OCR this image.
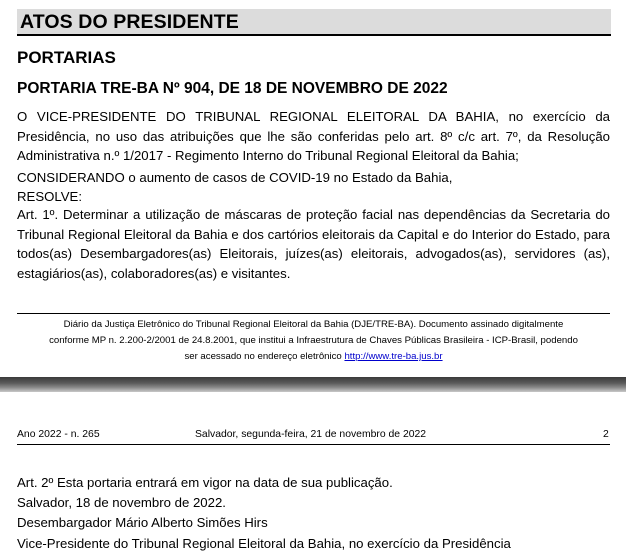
ATOS DO PRESIDENTE
PORTARIAS
PORTARIA TRE-BA Nº 904, DE 18 DE NOVEMBRO DE 2022
O VICE-PRESIDENTE DO TRIBUNAL REGIONAL ELEITORAL DA BAHIA, no exercício da Presidência, no uso das atribuições que lhe são conferidas pelo art. 8º c/c art. 7º, da Resolução Administrativa n.º 1/2017 - Regimento Interno do Tribunal Regional Eleitoral da Bahia;
CONSIDERANDO o aumento de casos de COVID-19 no Estado da Bahia,
RESOLVE:
Art. 1º. Determinar a utilização de máscaras de proteção facial nas dependências da Secretaria do Tribunal Regional Eleitoral da Bahia e dos cartórios eleitorais da Capital e do Interior do Estado, para todos(as) Desembargadores(as) Eleitorais, juízes(as) eleitorais, advogados(as), servidores (as), estagiários(as), colaboradores(as) e visitantes.
Diário da Justiça Eletrônico do Tribunal Regional Eleitoral da Bahia (DJE/TRE-BA). Documento assinado digitalmente
conforme MP n. 2.200-2/2001 de 24.8.2001, que institui a Infraestrutura de Chaves Públicas Brasileira - ICP-Brasil, podendo
ser acessado no endereço eletrônico http://www.tre-ba.jus.br
Ano 2022 - n. 265	Salvador, segunda-feira, 21 de novembro de 2022	2
Art. 2º Esta portaria entrará em vigor na data de sua publicação.
Salvador, 18 de novembro de 2022.
Desembargador Mário Alberto Simões Hirs
Vice-Presidente do Tribunal Regional Eleitoral da Bahia, no exercício da Presidência
